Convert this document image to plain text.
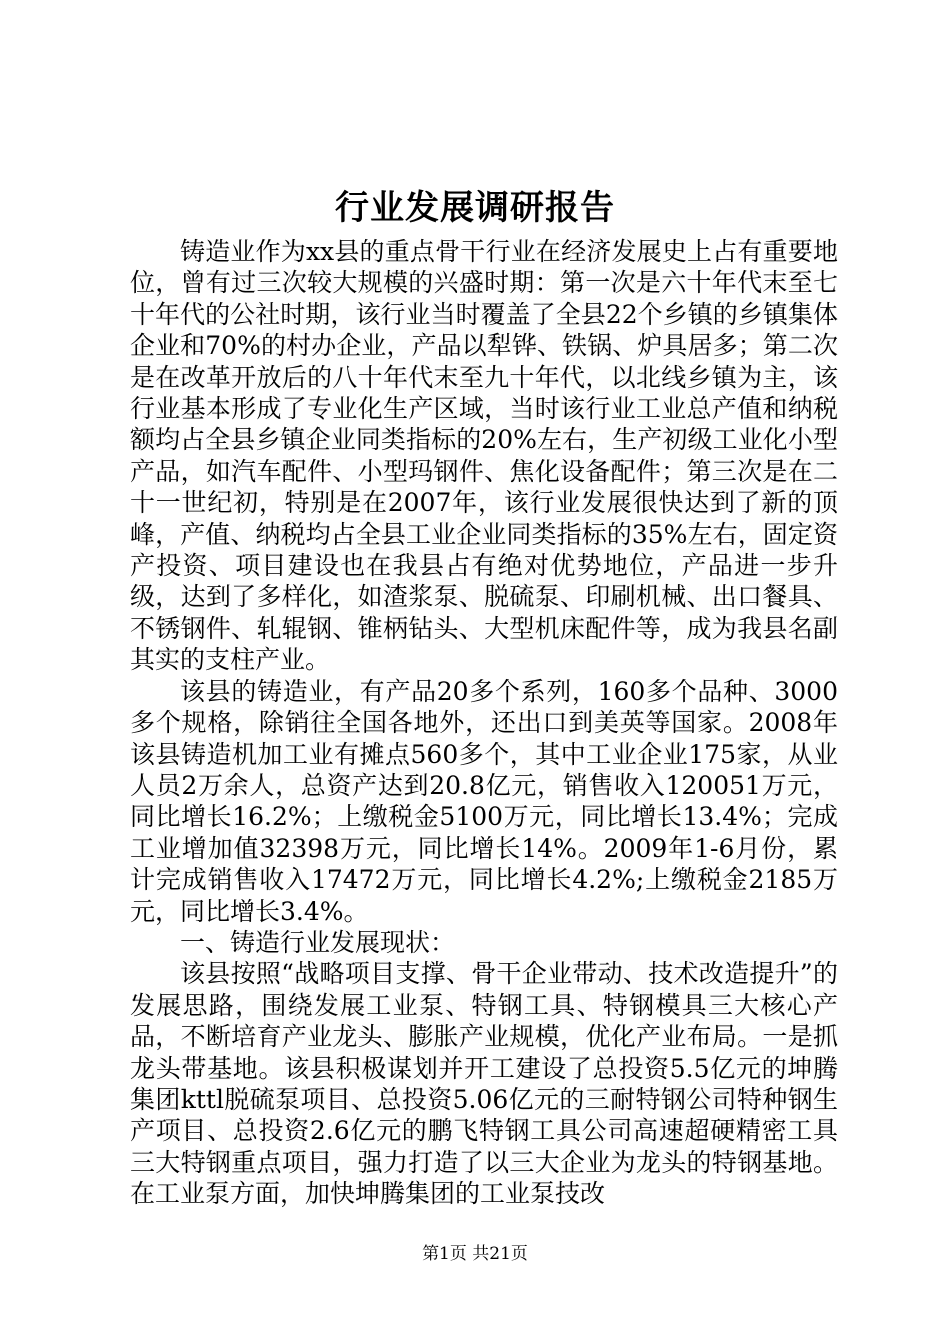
行业发展调研报告

铸造业作为xx县的重点骨干行业在经济发展史上占有重要地位，曾有过三次较大规模的兴盛时期：第一次是六十年代末至七十年代的公社时期，该行业当时覆盖了全县22个乡镇的乡镇集体企业和70%的村办企业，产品以犁铧、铁锅、炉具居多；第二次是在改革开放后的八十年代末至九十年代，以北线乡镇为主，该行业基本形成了专业化生产区域，当时该行业工业总产值和纳税额均占全县乡镇企业同类指标的20%左右，生产初级工业化小型产品，如汽车配件、小型玛钢件、焦化设备配件；第三次是在二十一世纪初，特别是在2007年，该行业发展很快达到了新的顶峰，产值、纳税均占全县工业企业同类指标的35%左右，固定资产投资、项目建设也在我县占有绝对优势地位，产品进一步升级，达到了多样化，如渣浆泵、脱硫泵、印刷机械、出口餐具、不锈钢件、轧辊钢、锥柄钻头、大型机床配件等，成为我县名副其实的支柱产业。

该县的铸造业，有产品20多个系列，160多个品种、3000多个规格，除销往全国各地外，还出口到美英等国家。2008年该县铸造机加工业有摊点560多个，其中工业企业175家，从业人员2万余人，总资产达到20.8亿元，销售收入120051万元，同比增长16.2%；上缴税金5100万元，同比增长13.4%；完成工业增加值32398万元，同比增长14%。2009年1-6月份，累计完成销售收入17472万元，同比增长4.2%;上缴税金2185万元，同比增长3.4%。

一、铸造行业发展现状：

该县按照“战略项目支撑、骨干企业带动、技术改造提升”的发展思路，围绕发展工业泵、特钢工具、特钢模具三大核心产品，不断培育产业龙头、膨胀产业规模，优化产业布局。一是抓龙头带基地。该县积极谋划并开工建设了总投资5.5亿元的坤腾集团kttl脱硫泵项目、总投资5.06亿元的三耐特钢公司特种钢生产项目、总投资2.6亿元的鹏飞特钢工具公司高速超硬精密工具三大特钢重点项目，强力打造了以三大企业为龙头的特钢基地。在工业泵方面，加快坤腾集团的工业泵技改

第1页 共21页
